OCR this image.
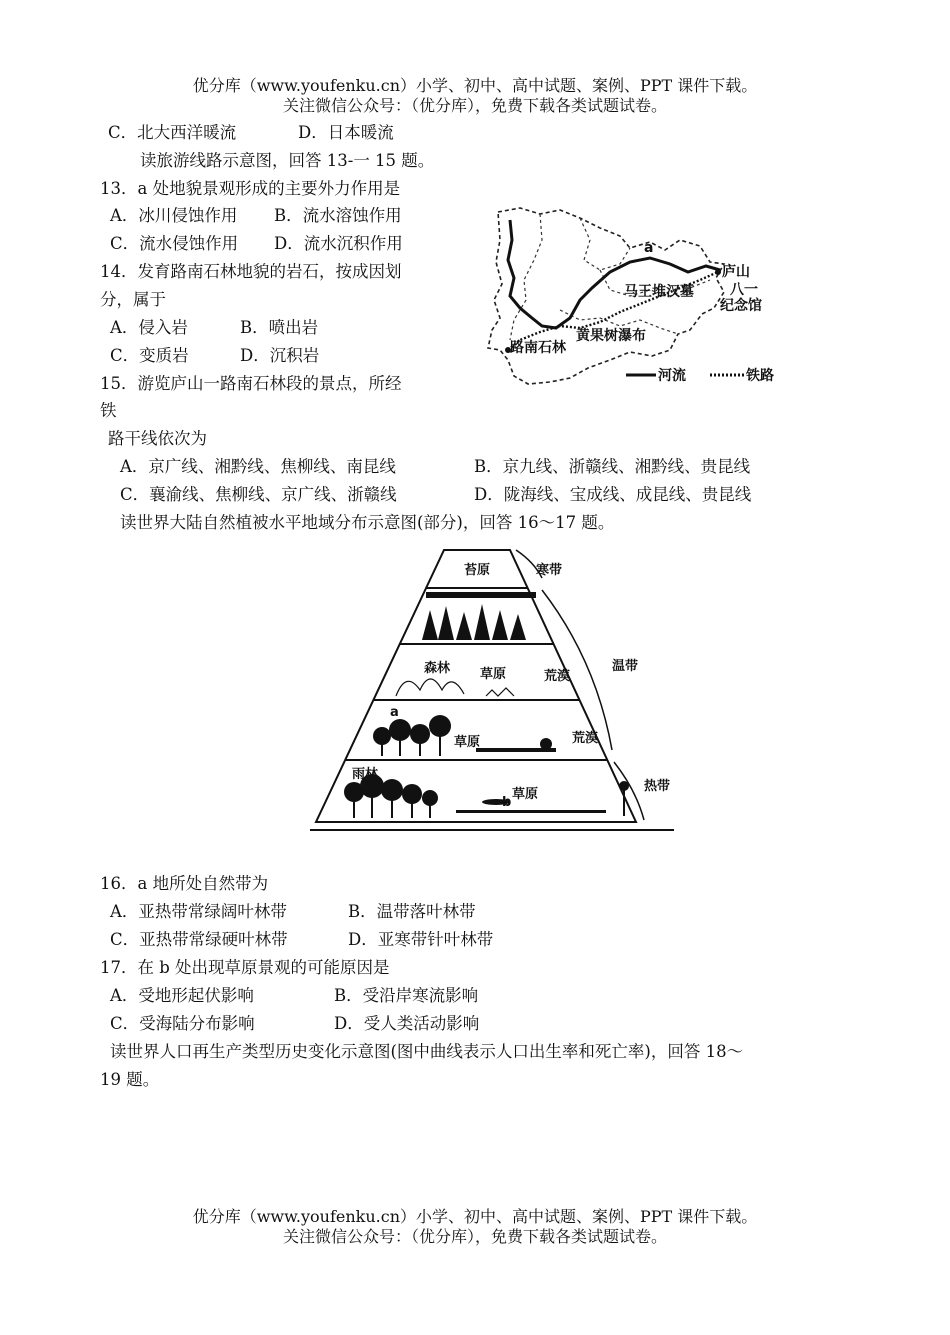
优分库（www.youfenku.cn）小学、初中、高中试题、案例、PPT 课件下载。
关注微信公众号：（优分库），免费下载各类试题试卷。
C．北大西洋暖流	D．日本暖流
读旅游线路示意图，回答 13-一 15 题。
13．a 处地貌景观形成的主要外力作用是
A．冰川侵蚀作用 B．流水溶蚀作用
C．流水侵蚀作用 D．流水沉积作用
14．发育路南石林地貌的岩石，按成因划
分，属于
A．侵入岩	B．喷出岩
C．变质岩	D．沉积岩
15．游览庐山一路南石林段的景点，所经
铁
路干线依次为
A．京广线、湘黔线、焦柳线、南昆线	B．京九线、浙赣线、湘黔线、贵昆线
C．襄渝线、焦柳线、京广线、浙赣线	D．陇海线、宝成线、成昆线、贵昆线
a
庐山
八一
纪念馆
马王堆汉墓
黄果树瀑布
路南石林
河流	铁路
读世界大陆自然植被水平地域分布示意图(部分)，回答 16～17 题。
苔原	寒带
温带
森林 草原	荒漠
a
草原	荒漠
雨林
b
草原
热带
16．a 地所处自然带为
A．亚热带常绿阔叶林带	B．温带落叶林带
C．亚热带常绿硬叶林带	D．亚寒带针叶林带
17．在 b 处出现草原景观的可能原因是
A．受地形起伏影响	B．受沿岸寒流影响
C．受海陆分布影响	D．受人类活动影响
读世界人口再生产类型历史变化示意图(图中曲线表示人口出生率和死亡率)，回答 18～
19 题。
优分库（www.youfenku.cn）小学、初中、高中试题、案例、PPT 课件下载。
关注微信公众号：（优分库），免费下载各类试题试卷。
